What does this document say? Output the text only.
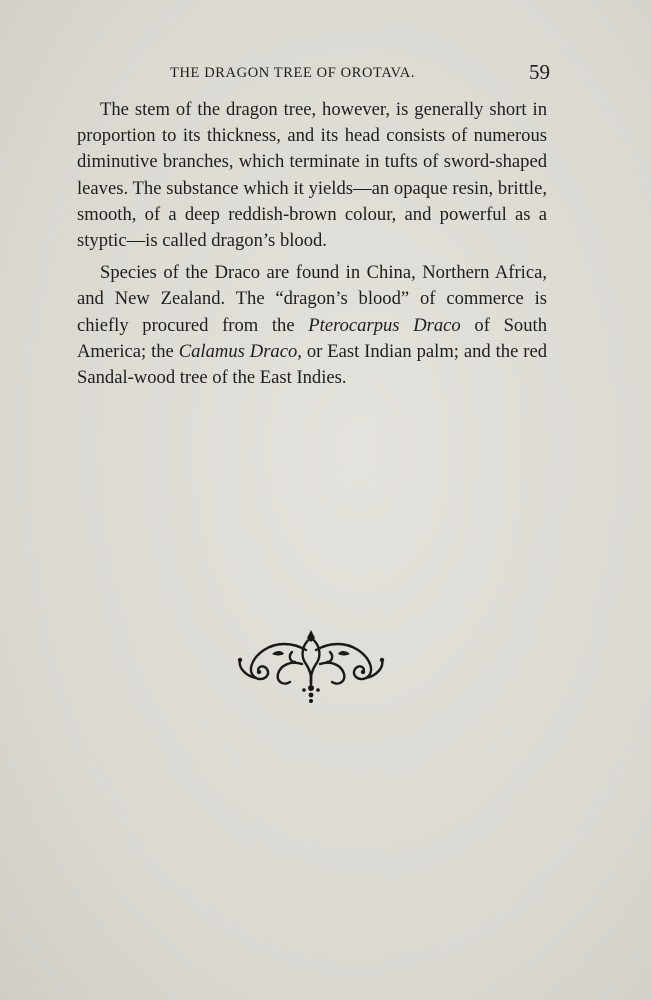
THE DRAGON TREE OF OROTAVA.	59

The stem of the dragon tree, however, is generally short in proportion to its thickness, and its head consists of numerous diminutive branches, which terminate in tufts of sword-shaped leaves. The substance which it yields—an opaque resin, brittle, smooth, of a deep reddish-brown colour, and powerful as a styptic—is called dragon’s blood.

Species of the Draco are found in China, Northern Africa, and New Zealand. The “dragon’s blood” of commerce is chiefly procured from the Pterocarpus Draco of South America; the Calamus Draco, or East Indian palm; and the red Sandal-wood tree of the East Indies.
